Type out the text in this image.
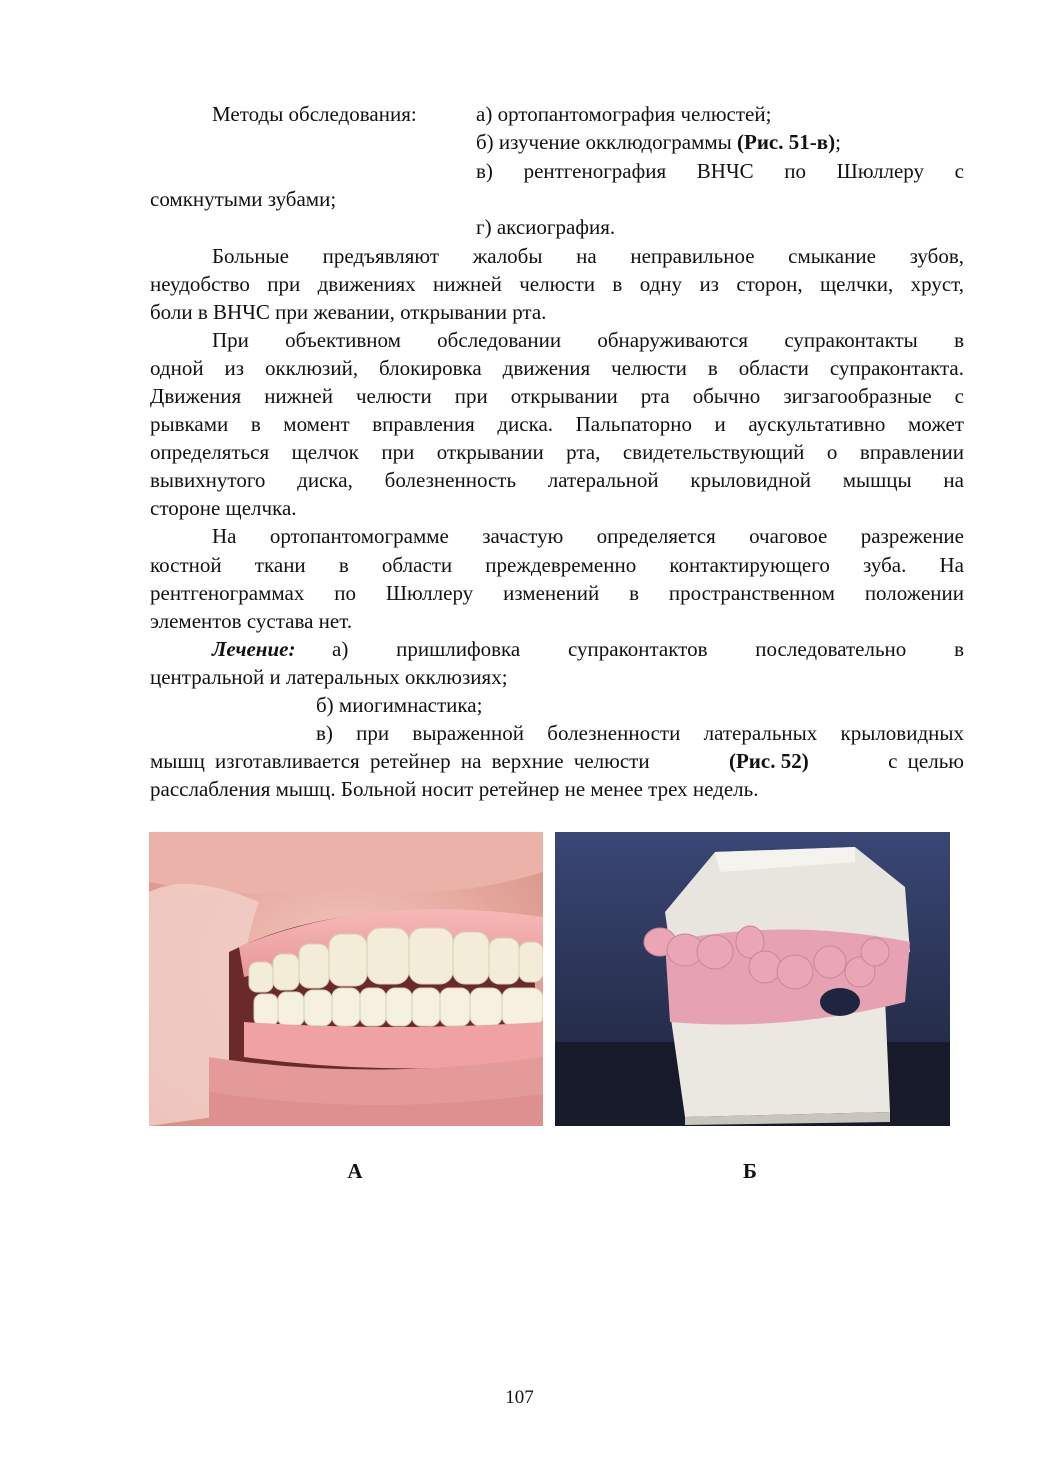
Методы обследования:	а) ортопантомография челюстей;
б) изучение окклюдограммы (Рис. 51-в);
в) рентгенография ВНЧС по Шюллеру с
сомкнутыми зубами;
г) аксиография.
Больные предъявляют жалобы на неправильное смыкание зубов,
неудобство при движениях нижней челюсти в одну из сторон, щелчки, хруст,
боли в ВНЧС при жевании, открывании рта.
При объективном обследовании обнаруживаются супраконтакты в
одной из окклюзий, блокировка движения челюсти в области супраконтакта.
Движения нижней челюсти при открывании рта обычно зигзагообразные с
рывками в момент вправления диска. Пальпаторно и аускультативно может
определяться щелчок при открывании рта, свидетельствующий о вправлении
вывихнутого диска, болезненность латеральной крыловидной мышцы на
стороне щелчка.
На ортопантомограмме зачастую определяется очаговое разрежение
костной ткани в области преждевременно контактирующего зуба. На
рентгенограммах по Шюллеру изменений в пространственном положении
элементов сустава нет.
Лечение: а) пришлифовка супраконтактов последовательно в
центральной и латеральных окклюзиях;
б) миогимнастика;
в) при выраженной болезненности латеральных крыловидных
мышц изготавливается ретейнер на верхние челюсти	(Рис. 52)	с целью
расслабления мышц. Больной носит ретейнер не менее трех недель.
А	Б
107
